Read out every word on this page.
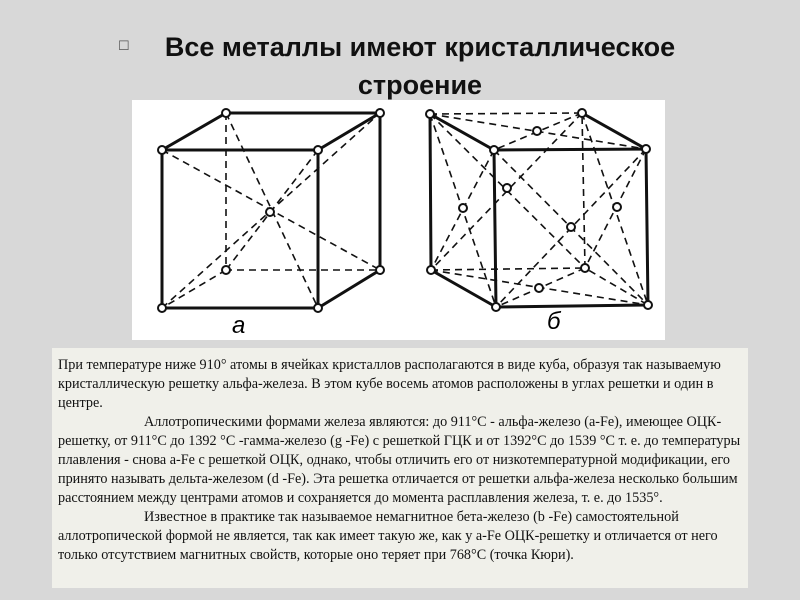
☐	Все металлы имеют кристаллическое строение
а	б

При температуре ниже 910° атомы в ячейках кристаллов располагаются в виде куба, образуя так называемую кристаллическую решетку альфа-железа. В этом кубе восемь атомов расположены в углах решетки и один в центре.

Аллотропическими формами железа являются: до 911°С - альфа-железо (a-Fe), имеющее ОЦК-решетку, от 911°С до 1392 °С -гамма-железо (g -Fe) с решеткой ГЦК и от 1392°С до 1539 °С т. е. до температуры плавления - снова a-Fe с решеткой ОЦК, однако, чтобы отличить его от низкотемпературной модификации, его принято называть дельта-железом (d -Fe). Эта решетка отличается от решетки альфа-железа несколько большим расстоянием между центрами атомов и сохраняется до момента расплавления железа, т. е. до 1535°.

Известное в практике так называемое немагнитное бета-железо (b -Fe) самостоятельной аллотропической формой не является, так как имеет такую же, как у a-Fe ОЦК-решетку и отличается от него только отсутствием магнитных свойств, которые оно теряет при 768°С (точка Кюри).
